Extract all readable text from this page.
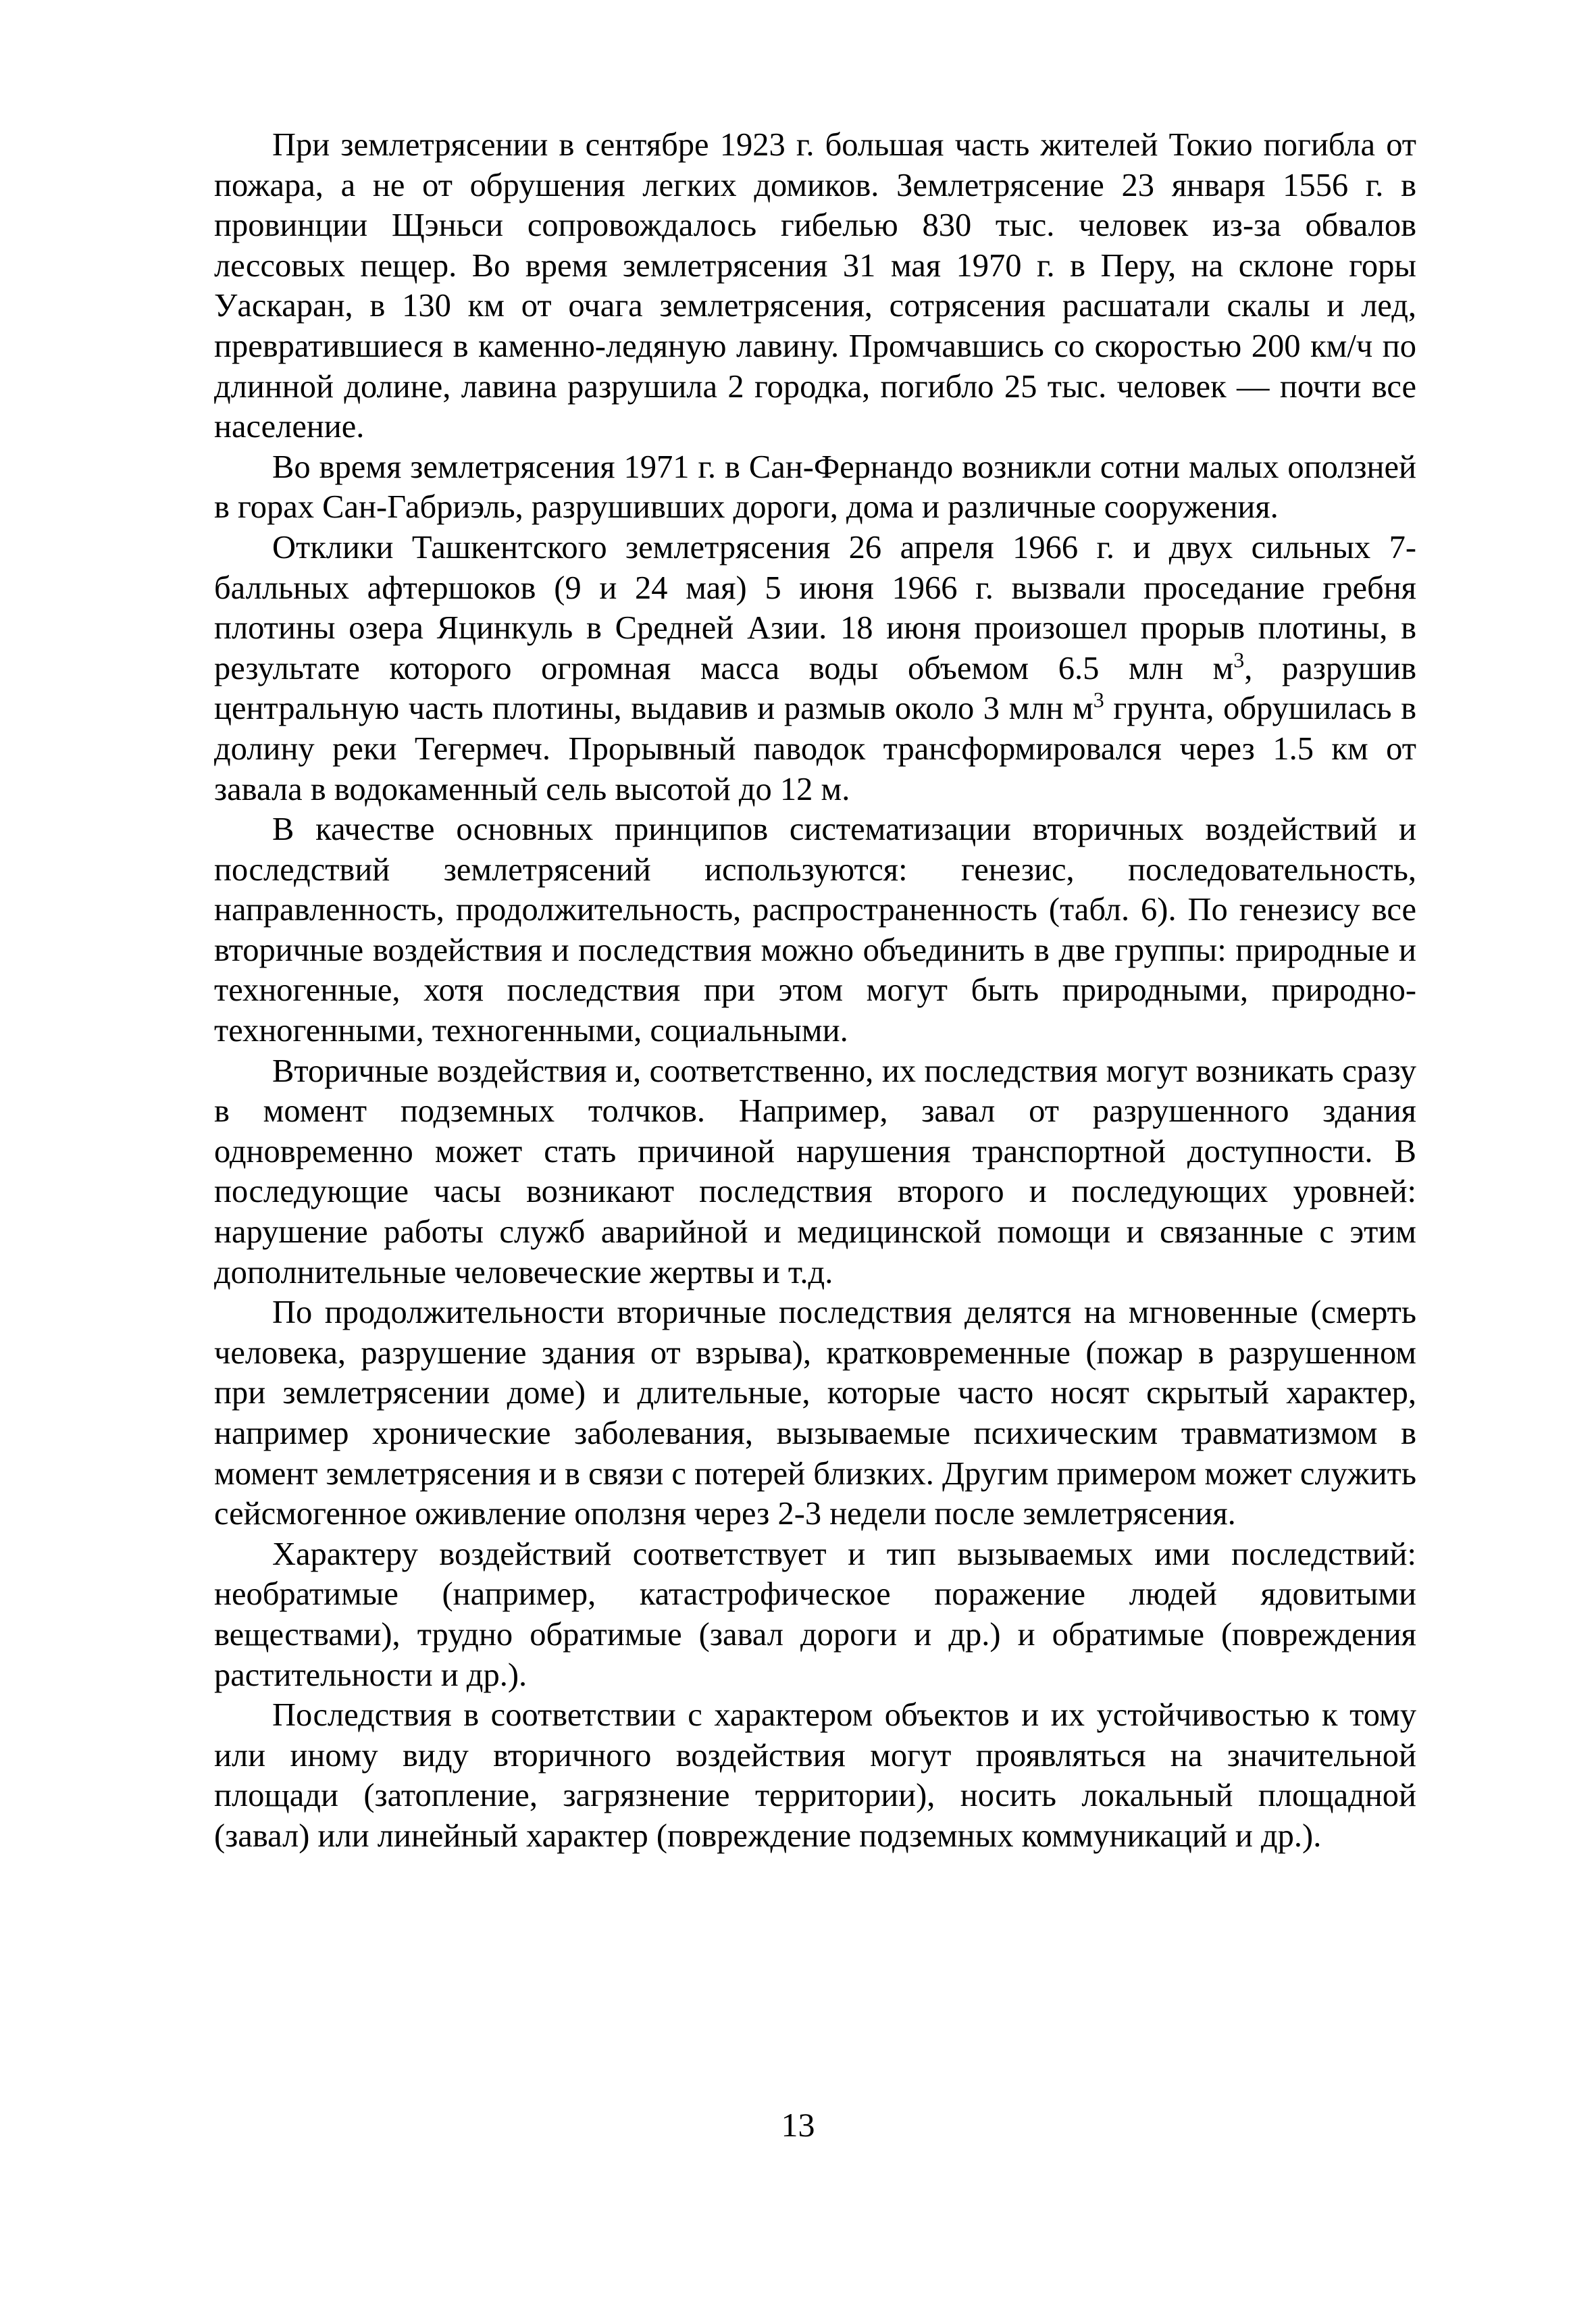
При землетрясении в сентябре 1923 г. большая часть жителей Токио погибла от пожара, а не от обрушения легких домиков. Землетрясение 23 января 1556 г. в провинции Щэньси сопровождалось гибелью 830 тыс. человек из-за обвалов лессовых пещер. Во время землетрясения 31 мая 1970 г. в Перу, на склоне горы Уаскаран, в 130 км от очага землетрясения, сотрясения расшатали скалы и лед, превратившиеся в каменно-ледяную лавину. Промчавшись со скоростью 200 км/ч по длинной долине, лавина разрушила 2 городка, погибло 25 тыс. человек — почти все население.

Во время землетрясения 1971 г. в Сан-Фернандо возникли сотни малых оползней в горах Сан-Габриэль, разрушивших дороги, дома и различные сооружения.

Отклики Ташкентского землетрясения 26 апреля 1966 г. и двух сильных 7-балльных афтершоков (9 и 24 мая) 5 июня 1966 г. вызвали проседание гребня плотины озера Яцинкуль в Средней Азии. 18 июня произошел прорыв плотины, в результате которого огромная масса воды объемом 6.5 млн $м^3$, разрушив центральную часть плотины, выдавив и размыв около 3 млн $м^3$ грунта, обрушилась в долину реки Тегермеч. Прорывный паводок трансформировался через 1.5 км от завала в водокаменный сель высотой до 12 м.

В качестве основных принципов систематизации вторичных воздействий и последствий землетрясений используются: генезис, последовательность, направленность, продолжительность, распространенность (табл. 6). По генезису все вторичные воздействия и последствия можно объединить в две группы: природные и техногенные, хотя последствия при этом могут быть природными, природно-техногенными, техногенными, социальными.

Вторичные воздействия и, соответственно, их последствия могут возникать сразу в момент подземных толчков. Например, завал от разрушенного здания одновременно может стать причиной нарушения транспортной доступности. В последующие часы возникают последствия второго и последующих уровней: нарушение работы служб аварийной и медицинской помощи и связанные с этим дополнительные человеческие жертвы и т.д.

По продолжительности вторичные последствия делятся на мгновенные (смерть человека, разрушение здания от взрыва), кратковременные (пожар в разрушенном при землетрясении доме) и длительные, которые часто носят скрытый характер, например хронические заболевания, вызываемые психическим травматизмом в момент землетрясения и в связи с потерей близких. Другим примером может служить сейсмогенное оживление оползня через 2-3 недели после землетрясения.

Характеру воздействий соответствует и тип вызываемых ими последствий: необратимые (например, катастрофическое поражение людей ядовитыми веществами), трудно обратимые (завал дороги и др.) и обратимые (повреждения растительности и др.).

Последствия в соответствии с характером объектов и их устойчивостью к тому или иному виду вторичного воздействия могут проявляться на значительной площади (затопление, загрязнение территории), носить локальный площадной (завал) или линейный характер (повреждение подземных коммуникаций и др.).

13
